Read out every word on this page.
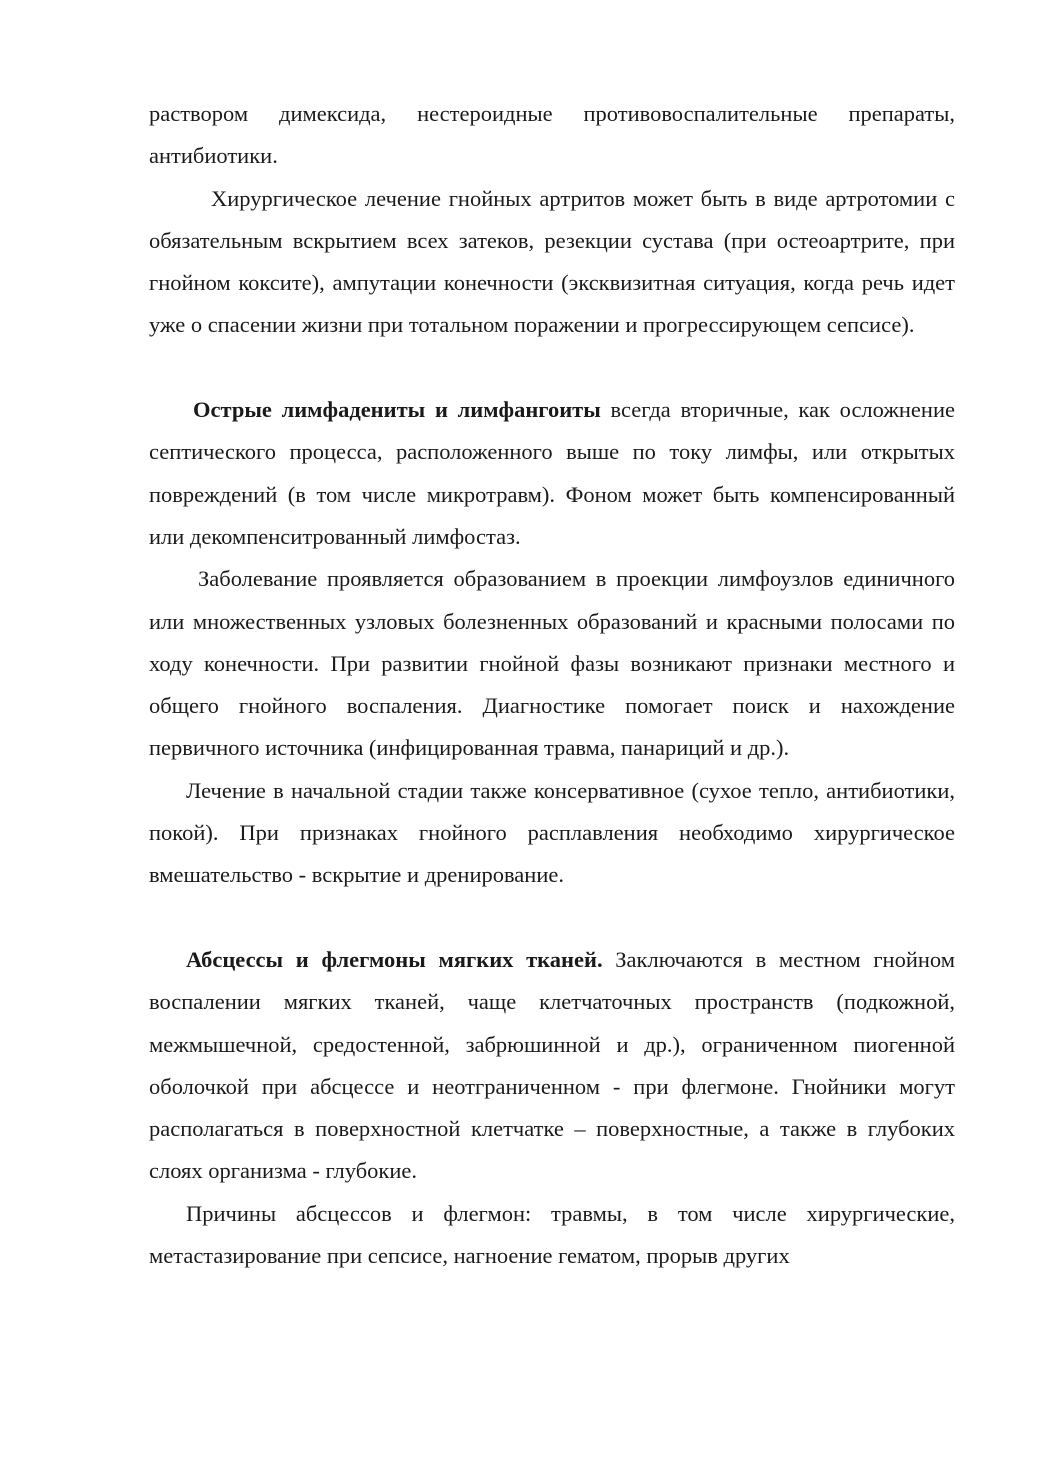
раствором димексида, нестероидные противовоспалительные препараты, антибиотики.

Хирургическое лечение гнойных артритов может быть в виде артротомии с обязательным вскрытием всех затеков, резекции сустава (при остеоартрите, при гнойном коксите), ампутации конечности (эксквизитная ситуация, когда речь идет уже о спасении жизни при тотальном поражении и прогрессирующем сепсисе).

Острые лимфадениты и лимфангоиты всегда вторичные, как осложнение септического процесса, расположенного выше по току лимфы, или открытых повреждений (в том числе микротравм). Фоном может быть компенсированный или декомпенситрованный лимфостаз.

Заболевание проявляется образованием в проекции лимфоузлов единичного или множественных узловых болезненных образований и красными полосами по ходу конечности. При развитии гнойной фазы возникают признаки местного и общего гнойного воспаления. Диагностике помогает поиск и нахождение первичного источника (инфицированная травма, панариций и др.).

Лечение в начальной стадии также консервативное (сухое тепло, антибиотики, покой). При признаках гнойного расплавления необходимо хирургическое вмешательство - вскрытие и дренирование.

Абсцессы и флегмоны мягких тканей. Заключаются в местном гнойном воспалении мягких тканей, чаще клетчаточных пространств (подкожной, межмышечной, средостенной, забрюшинной и др.), ограниченном пиогенной оболочкой при абсцессе и неотграниченном - при флегмоне. Гнойники могут располагаться в поверхностной клетчатке – поверхностные, а также в глубоких слоях организма - глубокие.

Причины абсцессов и флегмон: травмы, в том числе хирургические, метастазирование при сепсисе, нагноение гематом, прорыв других
